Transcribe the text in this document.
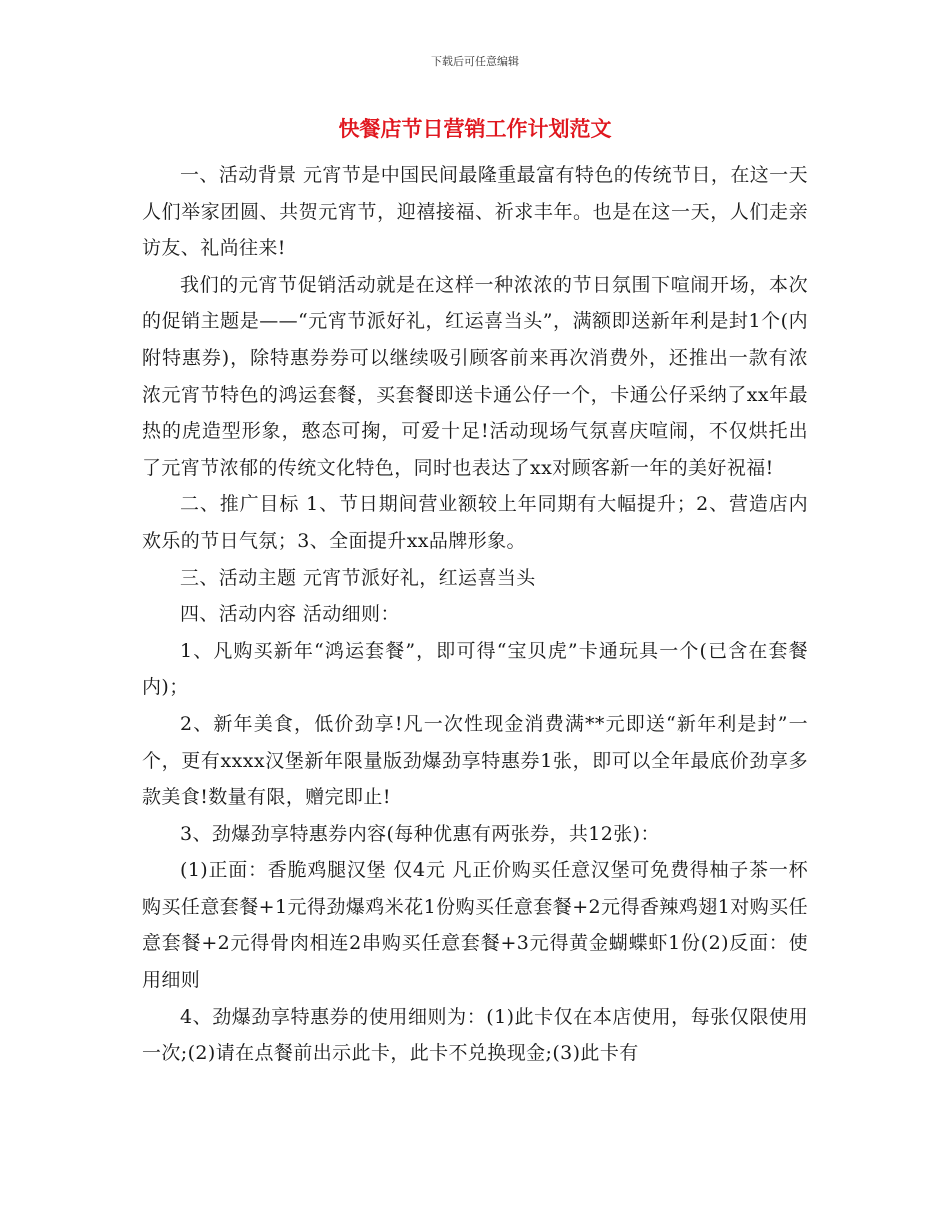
下载后可任意编辑
快餐店节日营销工作计划范文

一、活动背景 元宵节是中国民间最隆重最富有特色的传统节日，在这一天人们举家团圆、共贺元宵节，迎禧接福、祈求丰年。也是在这一天，人们走亲访友、礼尚往来!

我们的元宵节促销活动就是在这样一种浓浓的节日氛围下喧闹开场，本次的促销主题是——“元宵节派好礼，红运喜当头”，满额即送新年利是封1个(内附特惠券)，除特惠券券可以继续吸引顾客前来再次消费外，还推出一款有浓浓元宵节特色的鸿运套餐，买套餐即送卡通公仔一个，卡通公仔采纳了xx年最热的虎造型形象，憨态可掬，可爱十足!活动现场气氛喜庆喧闹，不仅烘托出了元宵节浓郁的传统文化特色，同时也表达了xx对顾客新一年的美好祝福!

二、推广目标 1、节日期间营业额较上年同期有大幅提升；2、营造店内欢乐的节日气氛；3、全面提升xx品牌形象。

三、活动主题 元宵节派好礼，红运喜当头

四、活动内容 活动细则：

1、凡购买新年“鸿运套餐”，即可得“宝贝虎”卡通玩具一个(已含在套餐内)；

2、新年美食，低价劲享!凡一次性现金消费满**元即送“新年利是封”一个，更有xxxx汉堡新年限量版劲爆劲享特惠券1张，即可以全年最底价劲享多款美食!数量有限，赠完即止!

3、劲爆劲享特惠券内容(每种优惠有两张券，共12张)：

(1)正面：香脆鸡腿汉堡 仅4元 凡正价购买任意汉堡可免费得柚子茶一杯 购买任意套餐+1元得劲爆鸡米花1份购买任意套餐+2元得香辣鸡翅1对购买任意套餐+2元得骨肉相连2串购买任意套餐+3元得黄金蝴蝶虾1份(2)反面：使用细则

4、劲爆劲享特惠券的使用细则为：(1)此卡仅在本店使用，每张仅限使用一次;(2)请在点餐前出示此卡，此卡不兑换现金;(3)此卡有
